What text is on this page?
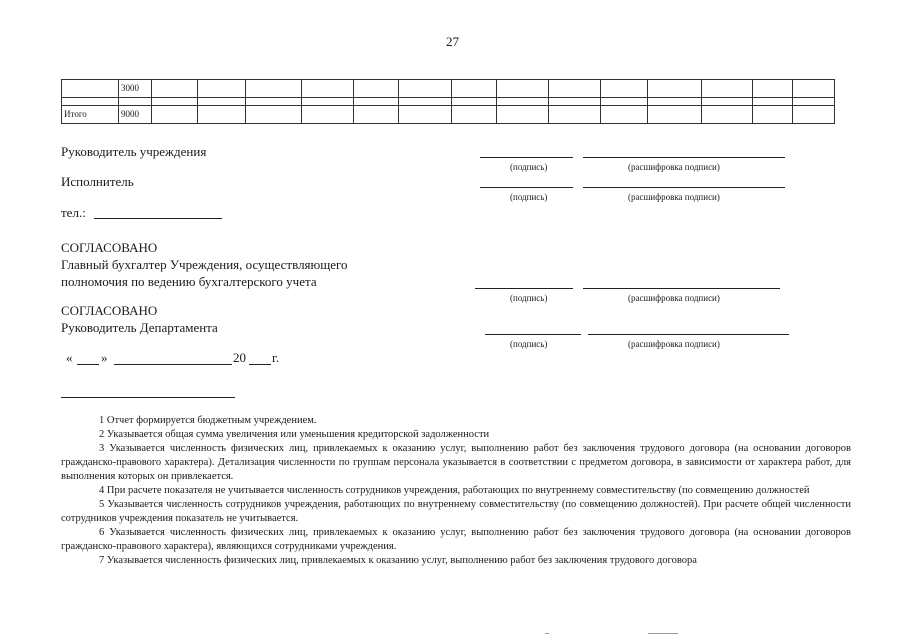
27
	3000														

Итого	9000														
Руководитель учреждения
(подпись)	(расшифровка подписи)
Исполнитель
(подпись)	(расшифровка подписи)
тел.:
СОГЛАСОВАНО
Главный бухгалтер Учреждения, осуществляющего
полномочия по ведению бухгалтерского учета
(подпись)	(расшифровка подписи)
СОГЛАСОВАНО
Руководитель Департамента
(подпись)	(расшифровка подписи)
« »	20 г.

1 Отчет формируется бюджетным учреждением.

2 Указывается общая сумма увеличения или уменьшения кредиторской задолженности

3 Указывается численность физических лиц, привлекаемых к оказанию услуг, выполнению работ без заключения трудового договора (на основании договоров гражданско-правового характера). Детализация численности по группам персонала указывается в соответствии с предметом договора, в зависимости от характера работ, для выполнения которых он привлекается.

4 При расчете показателя не учитывается численность сотрудников учреждения, работающих по внутреннему совместительству (по совмещению должностей

5 Указывается численность сотрудников учреждения, работающих по внутреннему совместительству (по совмещению должностей). При расчете общей численности сотрудников учреждения показатель не учитывается.

6 Указывается численность физических лиц, привлекаемых к оказанию услуг, выполнению работ без заключения трудового договора (на основании договоров гражданско-правового характера), являющихся сотрудниками учреждения.

7 Указывается численность физических лиц, привлекаемых к оказанию услуг, выполнению работ без заключения трудового договора
